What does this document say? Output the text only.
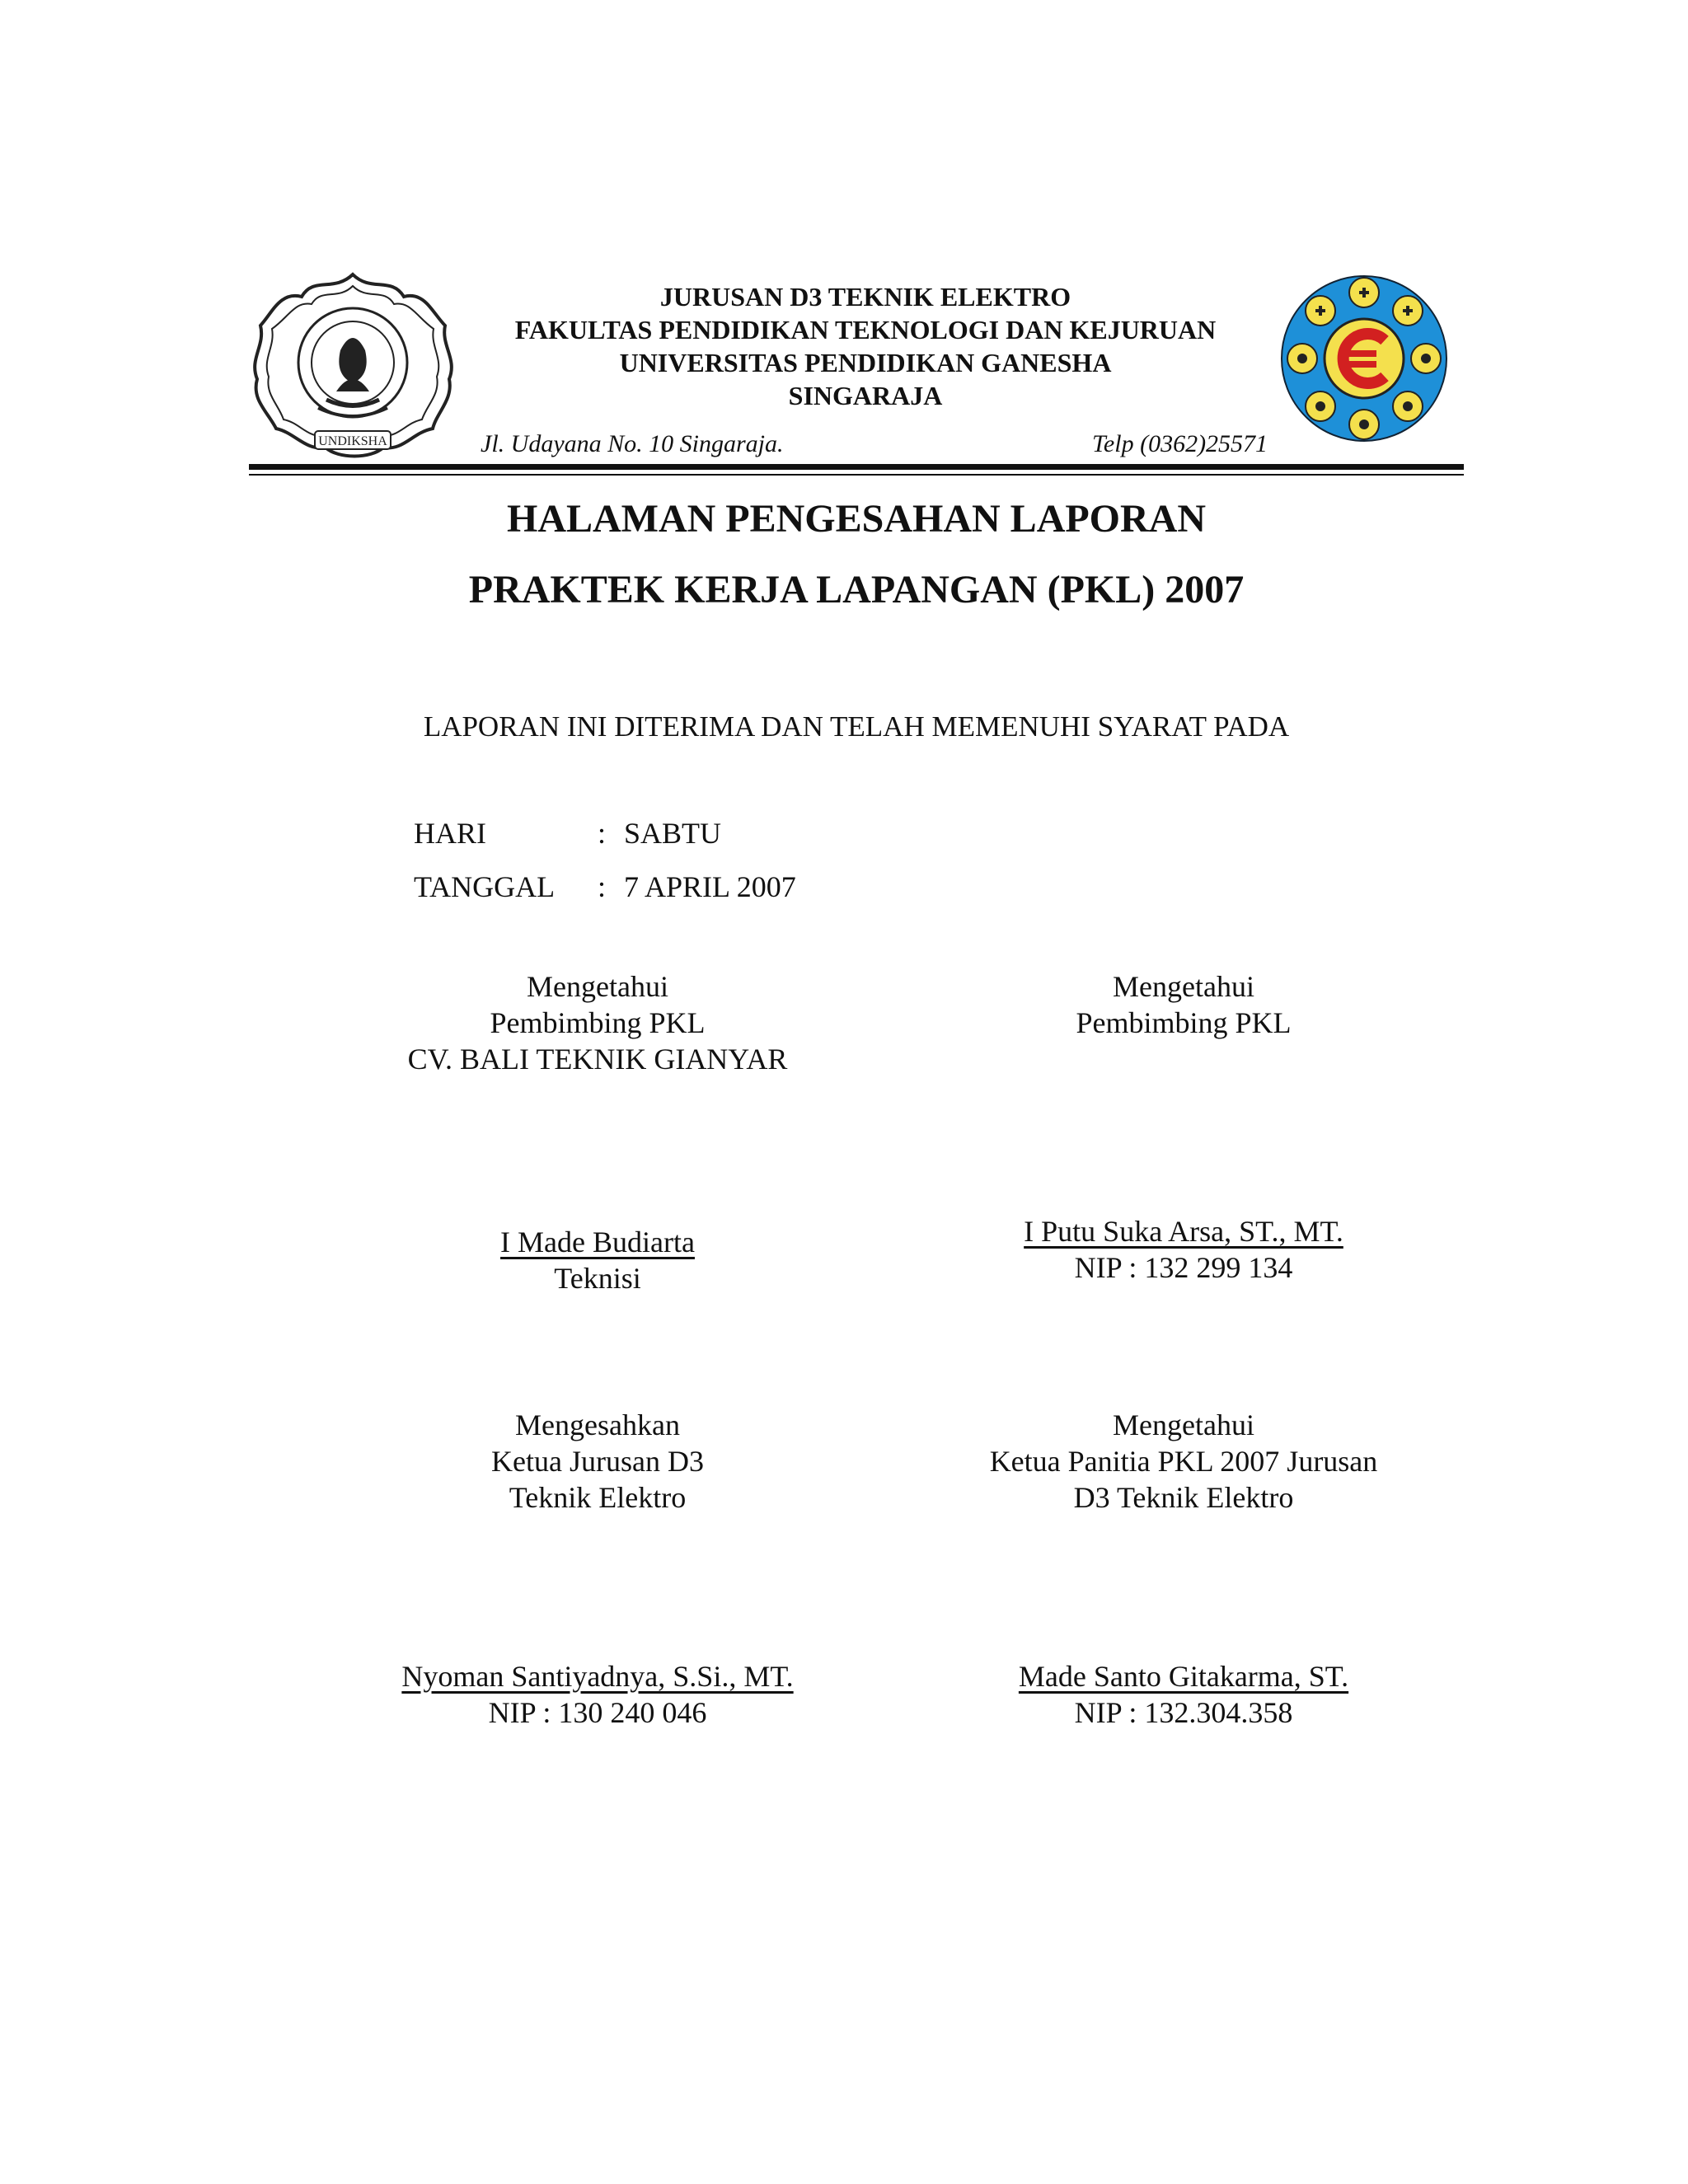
UNDIKSHA
JURUSAN D3 TEKNIK ELEKTRO
FAKULTAS PENDIDIKAN TEKNOLOGI DAN KEJURUAN
UNIVERSITAS PENDIDIKAN GANESHA
SINGARAJA
Jl. Udayana No. 10 Singaraja.	Telp (0362)25571
HALAMAN PENGESAHAN LAPORAN
PRAKTEK KERJA LAPANGAN (PKL) 2007
LAPORAN INI DITERIMA DAN TELAH MEMENUHI SYARAT PADA
HARI	: SABTU
TANGGAL : 7 APRIL 2007
Mengetahui
Pembimbing PKL
CV. BALI TEKNIK GIANYAR
I Made Budiarta
Teknisi
Mengetahui
Pembimbing PKL
I Putu Suka Arsa, ST., MT.
NIP : 132 299 134
Mengesahkan
Ketua Jurusan D3
Teknik Elektro
Nyoman Santiyadnya, S.Si., MT.
NIP : 130 240 046
Mengetahui
Ketua Panitia PKL 2007 Jurusan
D3 Teknik Elektro
Made Santo Gitakarma, ST.
NIP : 132.304.358
